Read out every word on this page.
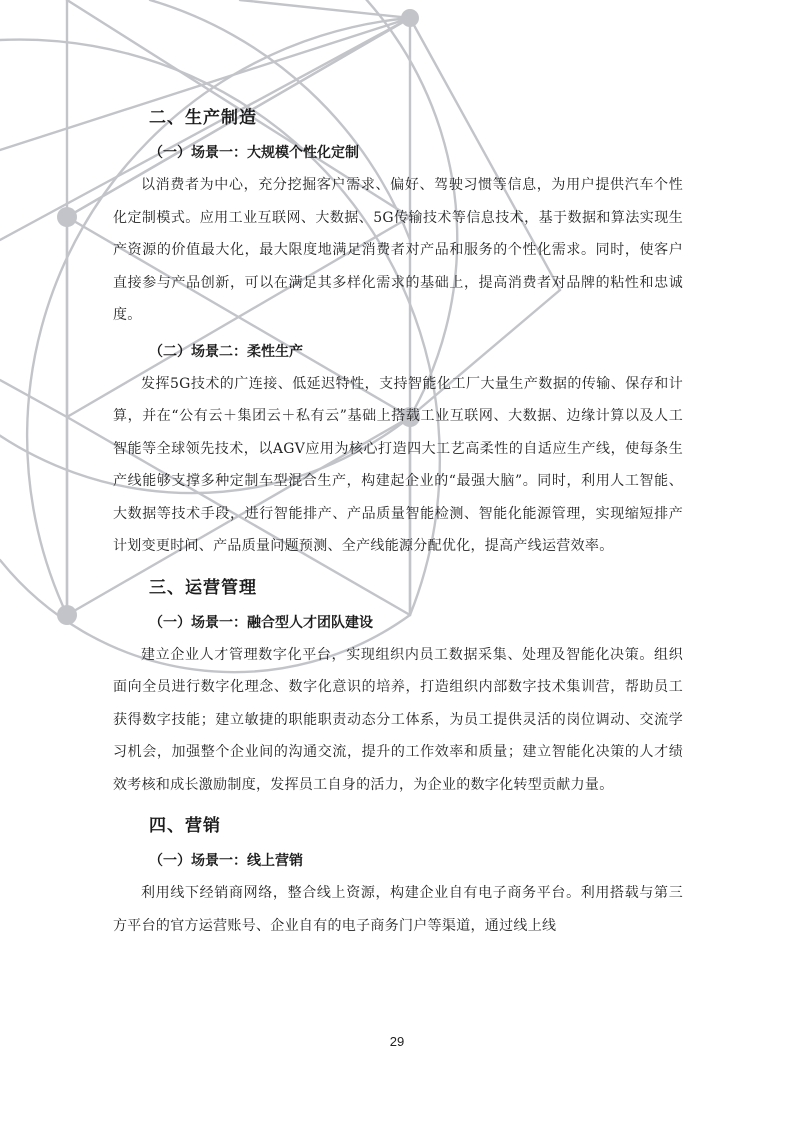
二、生产制造
（一）场景一：大规模个性化定制

以消费者为中心，充分挖掘客户需求、偏好、驾驶习惯等信息，为用户提供汽车个性化定制模式。应用工业互联网、大数据、5G传输技术等信息技术，基于数据和算法实现生产资源的价值最大化，最大限度地满足消费者对产品和服务的个性化需求。同时，使客户直接参与产品创新，可以在满足其多样化需求的基础上，提高消费者对品牌的粘性和忠诚度。

（二）场景二：柔性生产

发挥5G技术的广连接、低延迟特性，支持智能化工厂大量生产数据的传输、保存和计算，并在“公有云＋集团云＋私有云”基础上搭载工业互联网、大数据、边缘计算以及人工智能等全球领先技术，以AGV应用为核心打造四大工艺高柔性的自适应生产线，使每条生产线能够支撑多种定制车型混合生产，构建起企业的“最强大脑”。同时，利用人工智能、大数据等技术手段，进行智能排产、产品质量智能检测、智能化能源管理，实现缩短排产计划变更时间、产品质量问题预测、全产线能源分配优化，提高产线运营效率。

三、运营管理
（一）场景一：融合型人才团队建设

建立企业人才管理数字化平台，实现组织内员工数据采集、处理及智能化决策。组织面向全员进行数字化理念、数字化意识的培养，打造组织内部数字技术集训营，帮助员工获得数字技能；建立敏捷的职能职责动态分工体系，为员工提供灵活的岗位调动、交流学习机会，加强整个企业间的沟通交流，提升的工作效率和质量；建立智能化决策的人才绩效考核和成长激励制度，发挥员工自身的活力，为企业的数字化转型贡献力量。

四、营销
（一）场景一：线上营销

利用线下经销商网络，整合线上资源，构建企业自有电子商务平台。利用搭载与第三方平台的官方运营账号、企业自有的电子商务门户等渠道，通过线上线

29
